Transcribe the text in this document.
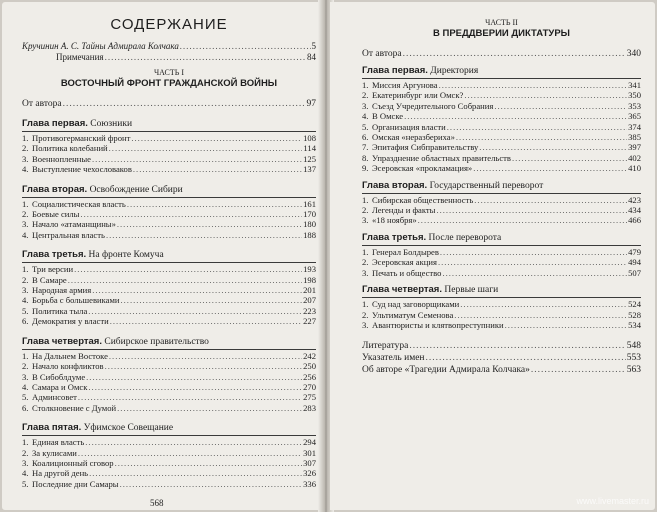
СОДЕРЖАНИЕ
Кручинин А. С. Тайны Адмирала Колчака .....	5
Примечания .....	84
ЧАСТЬ I
ВОСТОЧНЫЙ ФРОНТ ГРАЖДАНСКОЙ ВОЙНЫ
От автора .....	97
Глава первая. Союзники
1. Противогерманский фронт .....	108
2. Политика колебаний .....	114
3. Военнопленные .....	125
4. Выступление чехословаков .....	137
Глава вторая. Освобождение Сибири
1. Социалистическая власть .....	161
2. Боевые силы .....	170
3. Начало «атаманщины» .....	180
4. Центральная власть .....	188
Глава третья. На фронте Комуча
1. Три версии .....	193
2. В Самаре .....	198
3. Народная армия .....	201
4. Борьба с большевиками .....	207
5. Политика тыла .....	223
6. Демократия у власти .....	227
Глава четвертая. Сибирское правительство
1. На Дальнем Востоке .....	242
2. Начало конфликтов .....	250
3. В Сибоблдуме .....	256
4. Самара и Омск .....	270
5. Админсовет .....	275
6. Столкновение с Думой .....	283
Глава пятая. Уфимское Совещание
1. Единая власть .....	294
2. За кулисами .....	301
3. Коалиционный сговор .....	307
4. На другой день .....	326
5. Последние дни Самары .....	336
568
ЧАСТЬ II
В ПРЕДДВЕРИИ ДИКТАТУРЫ
От автора .....	340
Глава первая. Директория
1. Миссия Аргунова .....	341
2. Екатеринбург или Омск? .....	350
3. Съезд Учредительного Собрания .....	353
4. В Омске .....	365
5. Организация власти .....	374
6. Омская «неразбериха» .....	385
7. Эпитафия Сибправительству .....	397
8. Упразднение областных правительств .....	402
9. Эсеровская «прокламация» .....	410
Глава вторая. Государственный переворот
1. Сибирская общественность .....	423
2. Легенды и факты .....	434
3. «18 ноября» .....	466
Глава третья. После переворота
1. Генерал Болдырев .....	479
2. Эсеровская акция .....	494
3. Печать и общество .....	507
Глава четвертая. Первые шаги
1. Суд над заговорщиками .....	524
2. Ультиматум Семенова .....	528
3. Авантюристы и клятвопреступники .....	534
Литература .....	548
Указатель имен .....	553
Об авторе «Трагедии Адмирала Колчака» .....	563
www.livemaster.ru
